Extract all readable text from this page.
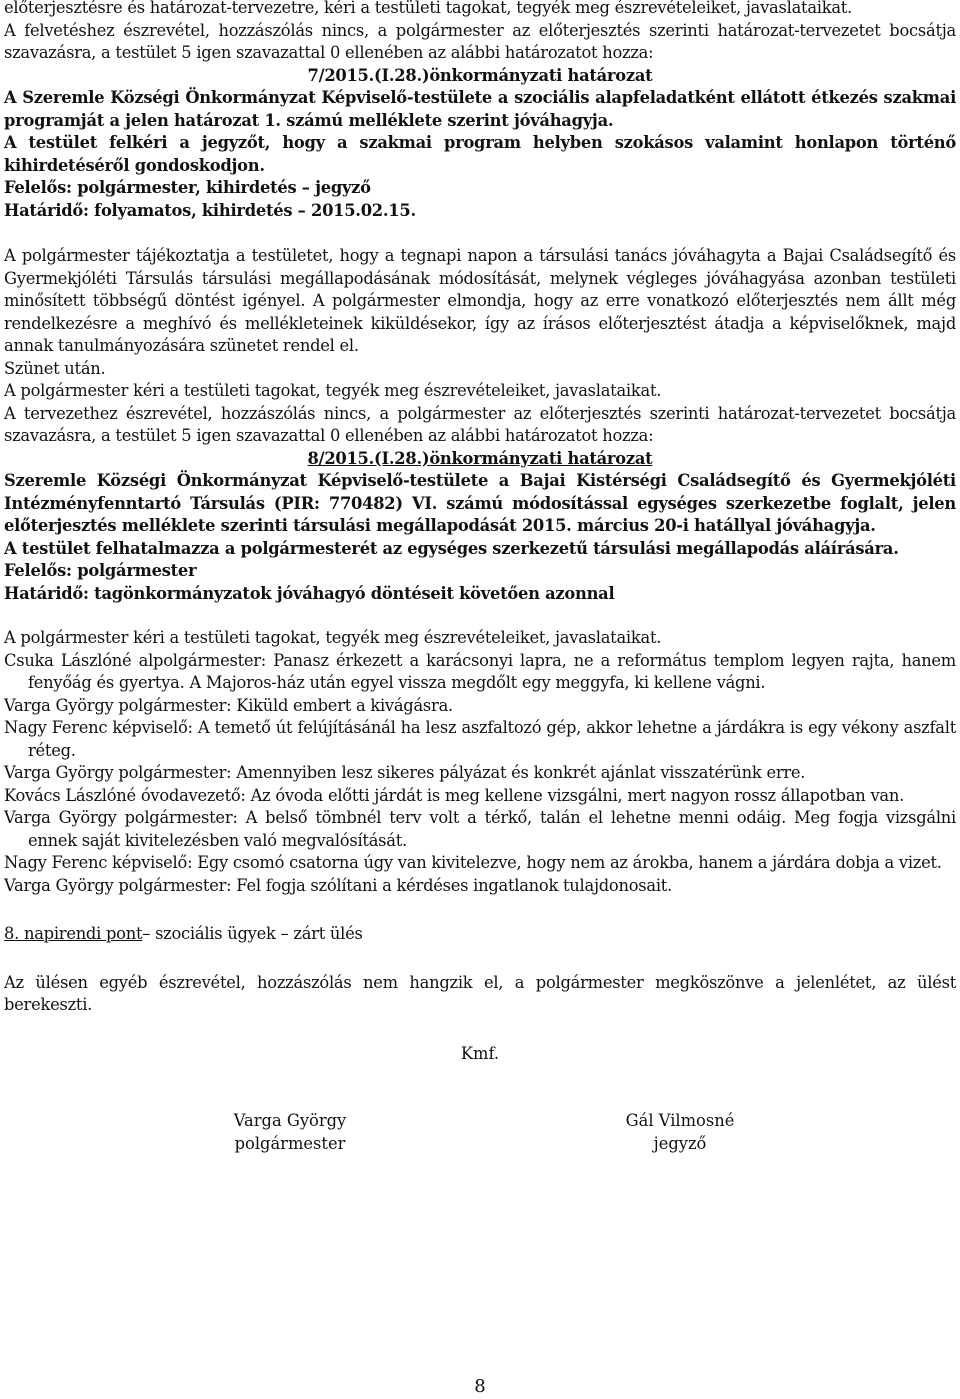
előterjesztésre és határozat-tervezetre, kéri a testületi tagokat, tegyék meg észrevételeiket, javaslataikat.

A felvetéshez észrevétel, hozzászólás nincs, a polgármester az előterjesztés szerinti határozat-tervezetet bocsátja szavazásra, a testület 5 igen szavazattal 0 ellenében az alábbi határozatot hozza:

7/2015.(I.28.)önkormányzati határozat

A Szeremle Községi Önkormányzat Képviselő-testülete a szociális alapfeladatként ellátott étkezés szakmai programját a jelen határozat 1. számú melléklete szerint jóváhagyja.

A testület felkéri a jegyzőt, hogy a szakmai program helyben szokásos valamint honlapon történő kihirdetéséről gondoskodjon.

Felelős: polgármester, kihirdetés – jegyző

Határidő: folyamatos, kihirdetés – 2015.02.15.

A polgármester tájékoztatja a testületet, hogy a tegnapi napon a társulási tanács jóváhagyta a Bajai Családsegítő és Gyermekjóléti Társulás társulási megállapodásának módosítását, melynek végleges jóváhagyása azonban testületi minősített többségű döntést igényel. A polgármester elmondja, hogy az erre vonatkozó előterjesztés nem állt még rendelkezésre a meghívó és mellékleteinek kiküldésekor, így az írásos előterjesztést átadja a képviselőknek, majd annak tanulmányozására szünetet rendel el.

Szünet után.

A polgármester kéri a testületi tagokat, tegyék meg észrevételeiket, javaslataikat.

A tervezethez észrevétel, hozzászólás nincs, a polgármester az előterjesztés szerinti határozat-tervezetet bocsátja szavazásra, a testület 5 igen szavazattal 0 ellenében az alábbi határozatot hozza:

8/2015.(I.28.)önkormányzati határozat

Szeremle Községi Önkormányzat Képviselő-testülete a Bajai Kistérségi Családsegítő és Gyermekjóléti Intézményfenntartó Társulás (PIR: 770482) VI. számú módosítással egységes szerkezetbe foglalt, jelen előterjesztés melléklete szerinti társulási megállapodását 2015. március 20-i hatállyal jóváhagyja.

A testület felhatalmazza a polgármesterét az egységes szerkezetű társulási megállapodás aláírására.

Felelős: polgármester

Határidő: tagönkormányzatok jóváhagyó döntéseit követően azonnal

A polgármester kéri a testületi tagokat, tegyék meg észrevételeiket, javaslataikat.

Csuka Lászlóné alpolgármester: Panasz érkezett a karácsonyi lapra, ne a református templom legyen rajta, hanem fenyőág és gyertya. A Majoros-ház után egyel vissza megdőlt egy meggyfa, ki kellene vágni.

Varga György polgármester: Kiküld embert a kivágásra.

Nagy Ferenc képviselő: A temető út felújításánál ha lesz aszfaltozó gép, akkor lehetne a járdákra is egy vékony aszfalt réteg.

Varga György polgármester: Amennyiben lesz sikeres pályázat és konkrét ajánlat visszatérünk erre.

Kovács Lászlóné óvodavezető: Az óvoda előtti járdát is meg kellene vizsgálni, mert nagyon rossz állapotban van.

Varga György polgármester: A belső tömbnél terv volt a térkő, talán el lehetne menni odáig. Meg fogja vizsgálni ennek saját kivitelezésben való megvalósítását.

Nagy Ferenc képviselő: Egy csomó csatorna úgy van kivitelezve, hogy nem az árokba, hanem a járdára dobja a vizet.

Varga György polgármester: Fel fogja szólítani a kérdéses ingatlanok tulajdonosait.

8. napirendi pont– szociális ügyek – zárt ülés

Az ülésen egyéb észrevétel, hozzászólás nem hangzik el, a polgármester megköszönve a jelenlétet, az ülést berekeszti.

Kmf.
Varga György
polgármester
Gál Vilmosné
jegyző
8
